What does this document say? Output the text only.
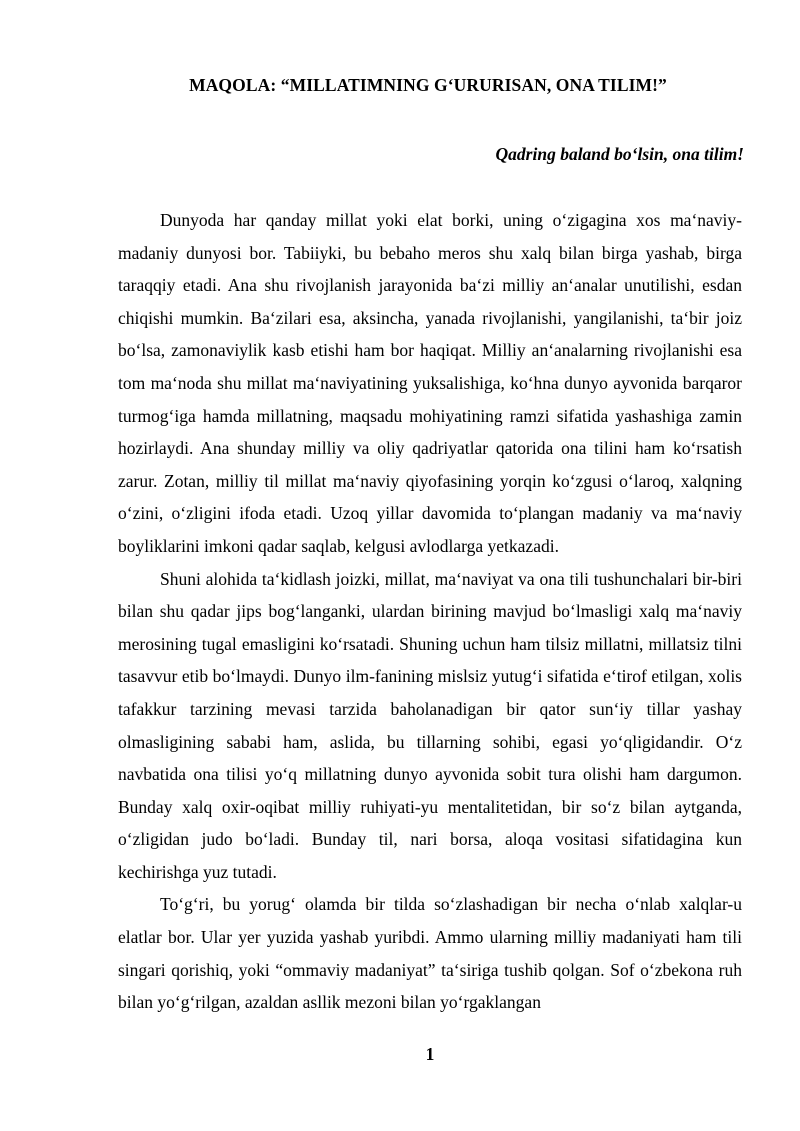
MAQOLA: “MILLATIMNING G‘URURISAN, ONA TILIM!”

Qadring baland bo‘lsin, ona tilim!

Dunyoda har qanday millat yoki elat borki, uning o‘zigagina xos ma‘naviy-madaniy dunyosi bor. Tabiiyki, bu bebaho meros shu xalq bilan birga yashab, birga taraqqiy etadi. Ana shu rivojlanish jarayonida ba‘zi milliy an‘analar unutilishi, esdan chiqishi mumkin. Ba‘zilari esa, aksincha, yanada rivojlanishi, yangilanishi, ta‘bir joiz bo‘lsa, zamonaviylik kasb etishi ham bor haqiqat. Milliy an‘analarning rivojlanishi esa tom ma‘noda shu millat ma‘naviyatining yuksalishiga, ko‘hna dunyo ayvonida barqaror turmog‘iga hamda millatning, maqsadu mohiyatining ramzi sifatida yashashiga zamin hozirlaydi. Ana shunday milliy va oliy qadriyatlar qatorida ona tilini ham ko‘rsatish zarur. Zotan, milliy til millat ma‘naviy qiyofasining yorqin ko‘zgusi o‘laroq, xalqning o‘zini, o‘zligini ifoda etadi. Uzoq yillar davomida to‘plangan madaniy va ma‘naviy boyliklarini imkoni qadar saqlab, kelgusi avlodlarga yetkazadi.

Shuni alohida ta‘kidlash joizki, millat, ma‘naviyat va ona tili tushunchalari bir-biri bilan shu qadar jips bog‘langanki, ulardan birining mavjud bo‘lmasligi xalq ma‘naviy merosining tugal emasligini ko‘rsatadi. Shuning uchun ham tilsiz millatni, millatsiz tilni tasavvur etib bo‘lmaydi. Dunyo ilm-fanining mislsiz yutug‘i sifatida e‘tirof etilgan, xolis tafakkur tarzining mevasi tarzida baholanadigan bir qator sun‘iy tillar yashay olmasligining sababi ham, aslida, bu tillarning sohibi, egasi yo‘qligidandir. O‘z navbatida ona tilisi yo‘q millatning dunyo ayvonida sobit tura olishi ham dargumon. Bunday xalq oxir-oqibat milliy ruhiyati-yu mentalitetidan, bir so‘z bilan aytganda, o‘zligidan judo bo‘ladi. Bunday til, nari borsa, aloqa vositasi sifatidagina kun kechirishga yuz tutadi.

To‘g‘ri, bu yorug‘ olamda bir tilda so‘zlashadigan bir necha o‘nlab xalqlar-u elatlar bor. Ular yer yuzida yashab yuribdi. Ammo ularning milliy madaniyati ham tili singari qorishiq, yoki “ommaviy madaniyat” ta‘siriga tushib qolgan. Sof o‘zbekona ruh bilan yo‘g‘rilgan, azaldan asllik mezoni bilan yo‘rgaklangan

1
